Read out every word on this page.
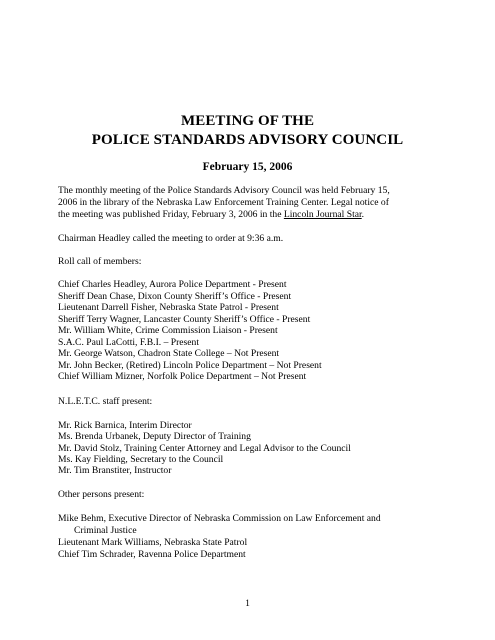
MEETING OF THE
POLICE STANDARDS ADVISORY COUNCIL
February 15, 2006
The monthly meeting of the Police Standards Advisory Council was held February 15,
2006 in the library of the Nebraska Law Enforcement Training Center. Legal notice of
the meeting was published Friday, February 3, 2006 in the Lincoln Journal Star.
Chairman Headley called the meeting to order at 9:36 a.m.
Roll call of members:
Chief Charles Headley, Aurora Police Department - Present
Sheriff Dean Chase, Dixon County Sheriff’s Office - Present
Lieutenant Darrell Fisher, Nebraska State Patrol - Present
Sheriff Terry Wagner, Lancaster County Sheriff’s Office - Present
Mr. William White, Crime Commission Liaison - Present
S.A.C. Paul LaCotti, F.B.I. – Present
Mr. George Watson, Chadron State College – Not Present
Mr. John Becker, (Retired) Lincoln Police Department – Not Present
Chief William Mizner, Norfolk Police Department – Not Present
N.L.E.T.C. staff present:
Mr. Rick Barnica, Interim Director
Ms. Brenda Urbanek, Deputy Director of Training
Mr. David Stolz, Training Center Attorney and Legal Advisor to the Council
Ms. Kay Fielding, Secretary to the Council
Mr. Tim Branstiter, Instructor
Other persons present:
Mike Behm, Executive Director of Nebraska Commission on Law Enforcement and
Criminal Justice
Lieutenant Mark Williams, Nebraska State Patrol
Chief Tim Schrader, Ravenna Police Department
1
